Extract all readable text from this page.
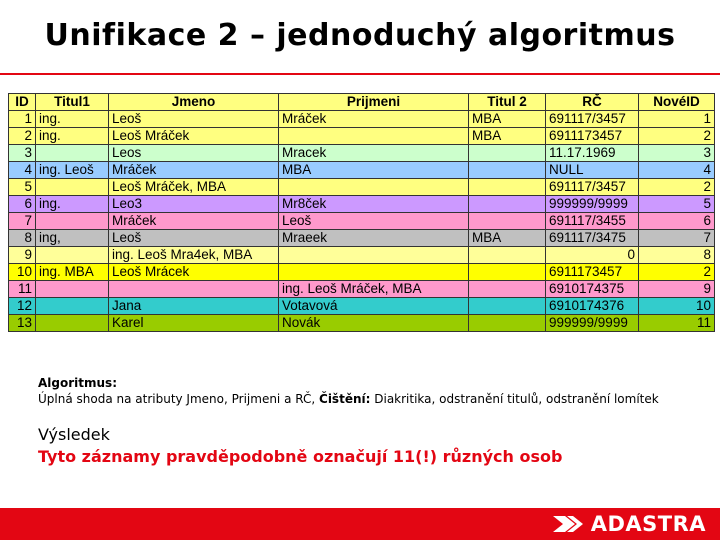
Unifikace 2 – jednoduchý algoritmus
ID	Titul1	Jmeno	Prijmeni	Titul 2	RČ	NovéID
1	ing.	Leoš	Mráček	MBA	691117/3457	1
2	ing.	Leoš Mráček		MBA	6911173457	2
3		Leos	Mracek		11.17.1969	3
4	ing. Leoš	Mráček	MBA		NULL	4
5		Leoš Mráček, MBA			691117/3457	2
6	ing.	Leo3	Mr8ček		999999/9999	5
7		Mráček	Leoš		691117/3455	6
8	ing,	Leoš	Mraeek	MBA	691117/3475	7
9		ing. Leoš Mra4ek, MBA			0	8
10	ing. MBA	Leoš Mrácek			6911173457	2
11			ing. Leoš Mráček, MBA		6910174375	9
12		Jana	Votavová		6910174376	10
13		Karel	Novák		999999/9999	11
Algoritmus:
Úplná shoda na atributy Jmeno, Prijmeni a RČ, Čištění: Diakritika, odstranění titulů, odstranění lomítek
Výsledek
Tyto záznamy pravděpodobně označují 11(!) různých osob
ADASTRA
